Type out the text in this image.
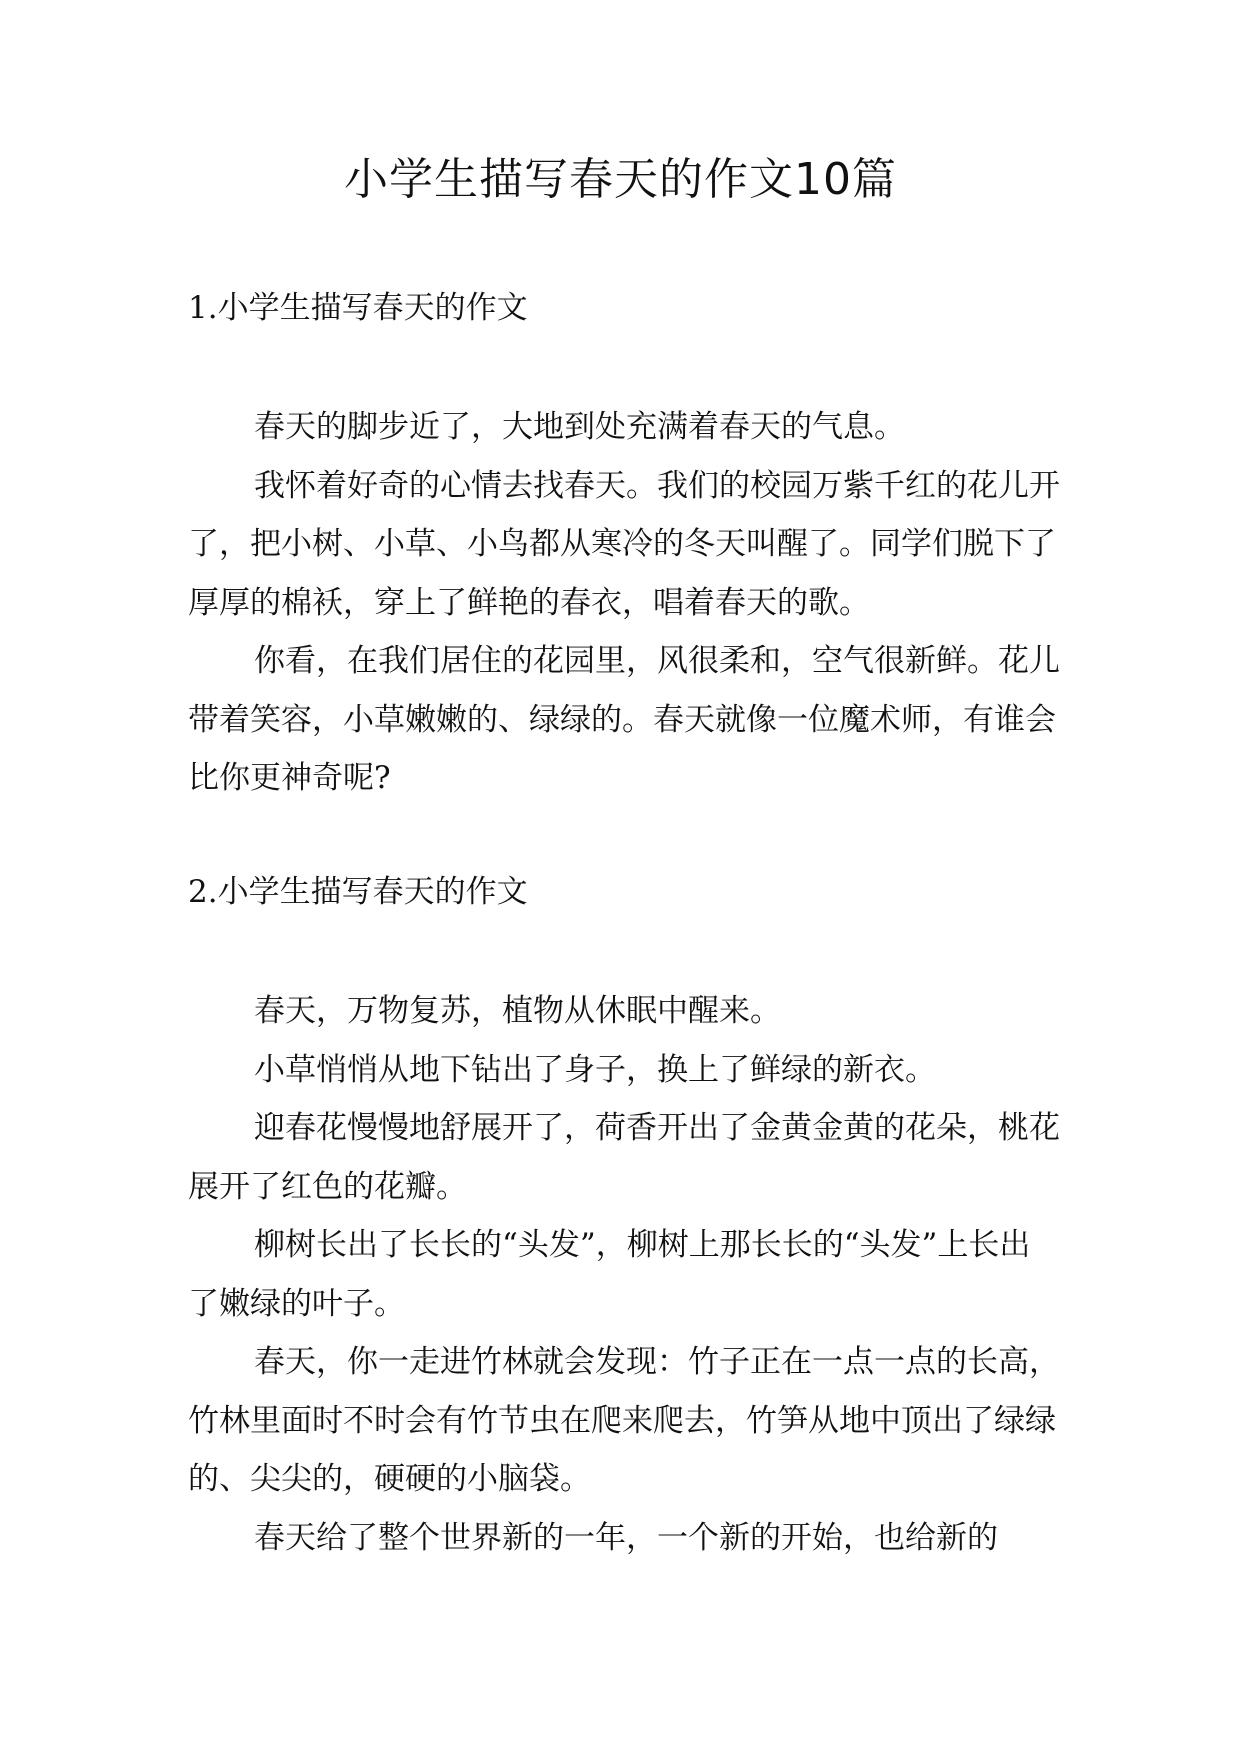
小学生描写春天的作文10篇
1.小学生描写春天的作文

春天的脚步近了，大地到处充满着春天的气息。

我怀着好奇的心情去找春天。我们的校园万紫千红的花儿开了，把小树、小草、小鸟都从寒冷的冬天叫醒了。同学们脱下了厚厚的棉袄，穿上了鲜艳的春衣，唱着春天的歌。

你看，在我们居住的花园里，风很柔和，空气很新鲜。花儿带着笑容，小草嫩嫩的、绿绿的。春天就像一位魔术师，有谁会比你更神奇呢?

2.小学生描写春天的作文

春天，万物复苏，植物从休眠中醒来。

小草悄悄从地下钻出了身子，换上了鲜绿的新衣。

迎春花慢慢地舒展开了，荷香开出了金黄金黄的花朵，桃花展开了红色的花瓣。

柳树长出了长长的“头发”，柳树上那长长的“头发”上长出了嫩绿的叶子。

春天，你一走进竹林就会发现：竹子正在一点一点的长高，竹林里面时不时会有竹节虫在爬来爬去，竹笋从地中顶出了绿绿的、尖尖的，硬硬的小脑袋。

春天给了整个世界新的一年，一个新的开始，也给新的
